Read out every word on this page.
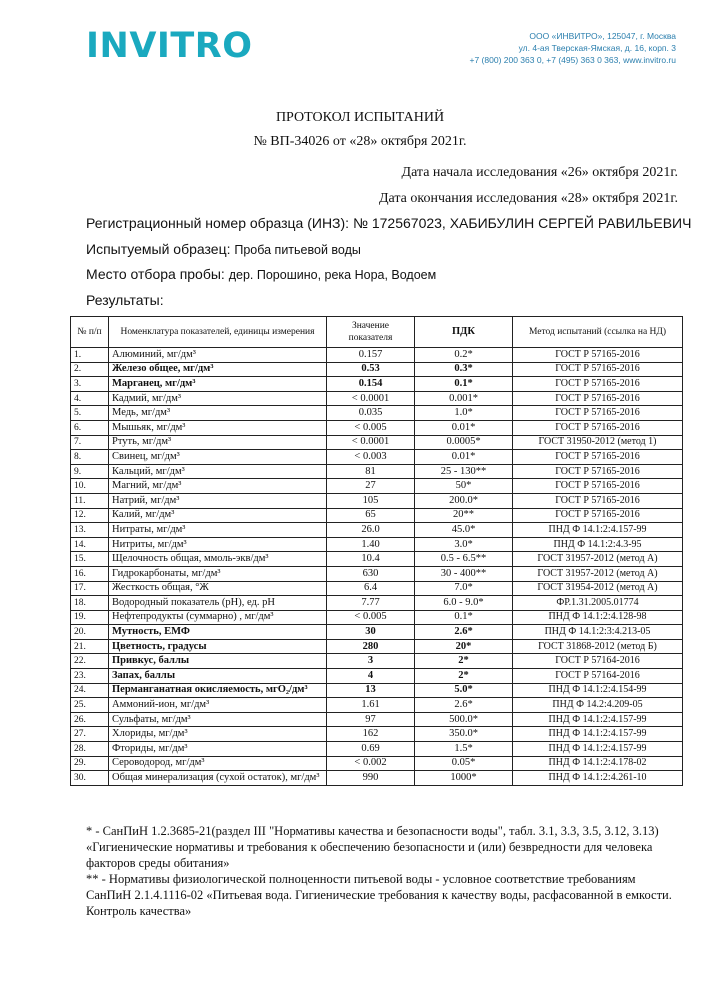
INVITRO	ООО «ИНВИТРО», 125047, г. Москва
ул. 4-ая Тверская-Ямская, д. 16, корп. 3
+7 (800) 200 363 0, +7 (495) 363 0 363, www.invitro.ru
ПРОТОКОЛ ИСПЫТАНИЙ
№ ВП-34026 от «28» октября 2021г.
Дата начала исследования «26» октября 2021г.
Дата окончания исследования «28» октября 2021г.
Регистрационный номер образца (ИНЗ): № 172567023, ХАБИБУЛИН СЕРГЕЙ РАВИЛЬЕВИЧ
Испытуемый образец: Проба питьевой воды
Место отбора пробы: дер. Порошино, река Нора, Водоем
Результаты:
№ п/п	Номенклатура показателей, единицы измерения	Значение показателя	ПДК	Метод испытаний (ссылка на НД)
1.	Алюминий, мг/дм³	0.157	0.2*	ГОСТ Р 57165-2016
2.	Железо общее, мг/дм³	0.53	0.3*	ГОСТ Р 57165-2016
3.	Марганец, мг/дм³	0.154	0.1*	ГОСТ Р 57165-2016
4.	Кадмий, мг/дм³	< 0.0001	0.001*	ГОСТ Р 57165-2016
5.	Медь, мг/дм³	0.035	1.0*	ГОСТ Р 57165-2016
6.	Мышьяк, мг/дм³	< 0.005	0.01*	ГОСТ Р 57165-2016
7.	Ртуть, мг/дм³	< 0.0001	0.0005*	ГОСТ 31950-2012 (метод 1)
8.	Свинец, мг/дм³	< 0.003	0.01*	ГОСТ Р 57165-2016
9.	Кальций, мг/дм³	81	25 - 130**	ГОСТ Р 57165-2016
10.	Магний, мг/дм³	27	50*	ГОСТ Р 57165-2016
11.	Натрий, мг/дм³	105	200.0*	ГОСТ Р 57165-2016
12.	Калий, мг/дм³	65	20**	ГОСТ Р 57165-2016
13.	Нитраты, мг/дм³	26.0	45.0*	ПНД Ф 14.1:2:4.157-99
14.	Нитриты, мг/дм³	1.40	3.0*	ПНД Ф 14.1:2:4.3-95
15.	Щелочность общая, ммоль-экв/дм³	10.4	0.5 - 6.5**	ГОСТ 31957-2012 (метод А)
16.	Гидрокарбонаты, мг/дм³	630	30 - 400**	ГОСТ 31957-2012 (метод А)
17.	Жесткость общая, °Ж	6.4	7.0*	ГОСТ 31954-2012 (метод А)
18.	Водородный показатель (pH), ед. pH	7.77	6.0 - 9.0*	ФР.1.31.2005.01774
19.	Нефтепродукты (суммарно) , мг/дм³	< 0.005	0.1*	ПНД Ф 14.1:2:4.128-98
20.	Мутность, ЕМФ	30	2.6*	ПНД Ф 14.1:2:3:4.213-05
21.	Цветность, градусы	280	20*	ГОСТ 31868-2012 (метод Б)
22.	Привкус, баллы	3	2*	ГОСТ Р 57164-2016
23.	Запах, баллы	4	2*	ГОСТ Р 57164-2016
24.	Перманганатная окисляемость, мгO₂/дм³	13	5.0*	ПНД Ф 14.1:2:4.154-99
25.	Аммоний-ион, мг/дм³	1.61	2.6*	ПНД Ф 14.2:4.209-05
26.	Сульфаты, мг/дм³	97	500.0*	ПНД Ф 14.1:2:4.157-99
27.	Хлориды, мг/дм³	162	350.0*	ПНД Ф 14.1:2:4.157-99
28.	Фториды, мг/дм³	0.69	1.5*	ПНД Ф 14.1:2:4.157-99
29.	Сероводород, мг/дм³	< 0.002	0.05*	ПНД Ф 14.1:2:4.178-02
30.	Общая минерализация (сухой остаток), мг/дм³	990	1000*	ПНД Ф 14.1:2:4.261-10

* - СанПиН 1.2.3685-21(раздел III "Нормативы качества и безопасности воды", табл. 3.1, 3.3, 3.5, 3.12, 3.13) «Гигиенические нормативы и требования к обеспечению безопасности и (или) безвредности для человека факторов среды обитания»

** - Нормативы физиологической полноценности питьевой воды - условное соответствие требованиям СанПиН 2.1.4.1116-02 «Питьевая вода. Гигиенические требования к качеству воды, расфасованной в емкости. Контроль качества»
